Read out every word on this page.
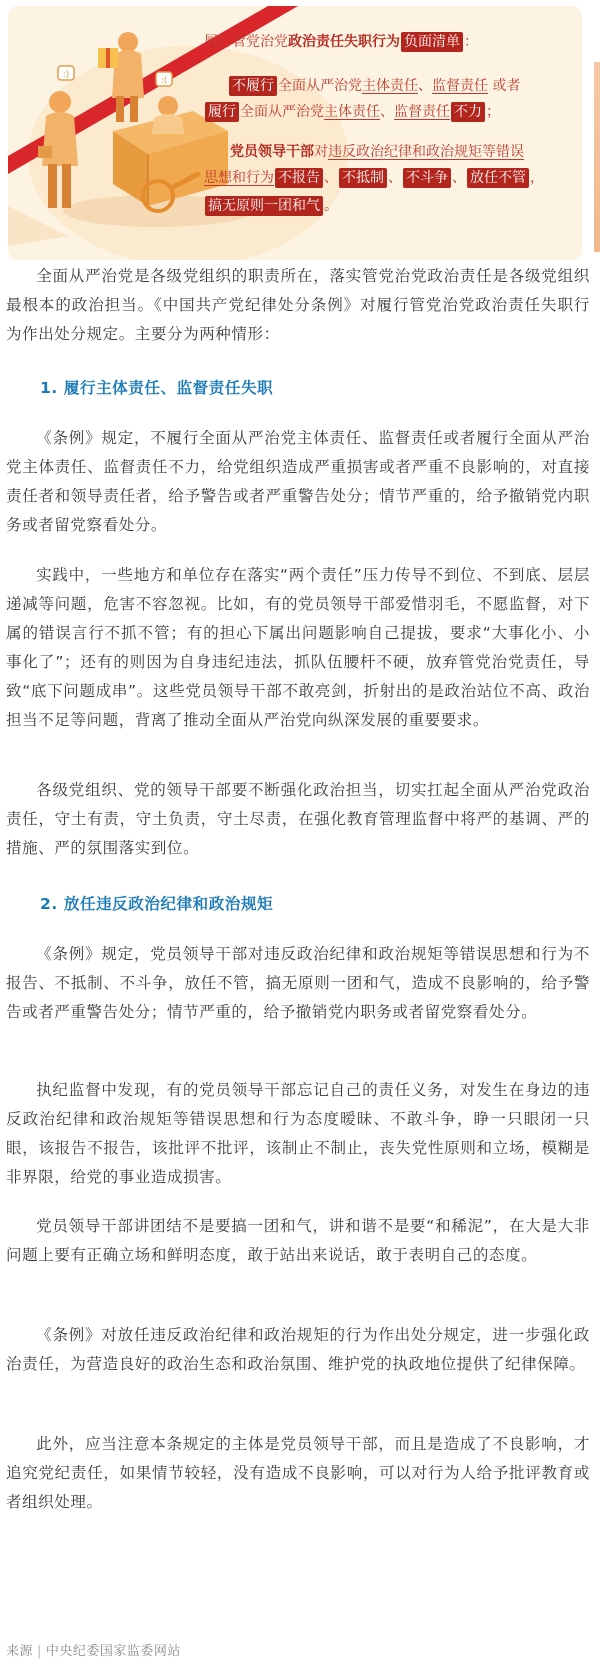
:)
:(
履行管党治党政治责任失职行为 负面清单 ：
不履行 全面从严治党主体责任、监督责任 或者
履行 全面从严治党主体责任、监督责任 不力 ；
党员领导干部对违反政治纪律和政治规矩等错误
思想和行为 不报告 、 不抵制 、 不斗争 、 放任不管 ，
搞无原则一团和气 。

全面从严治党是各级党组织的职责所在，落实管党治党政治责任是各级党组织最根本的政治担当。《中国共产党纪律处分条例》对履行管党治党政治责任失职行为作出处分规定。主要分为两种情形：

1. 履行主体责任、监督责任失职

《条例》规定，不履行全面从严治党主体责任、监督责任或者履行全面从严治党主体责任、监督责任不力，给党组织造成严重损害或者严重不良影响的，对直接责任者和领导责任者，给予警告或者严重警告处分；情节严重的，给予撤销党内职务或者留党察看处分。

实践中，一些地方和单位存在落实“两个责任”压力传导不到位、不到底、层层递减等问题，危害不容忽视。比如，有的党员领导干部爱惜羽毛，不愿监督，对下属的错误言行不抓不管；有的担心下属出问题影响自己提拔，要求“大事化小、小事化了”；还有的则因为自身违纪违法，抓队伍腰杆不硬，放弃管党治党责任，导致“底下问题成串”。这些党员领导干部不敢亮剑，折射出的是政治站位不高、政治担当不足等问题，背离了推动全面从严治党向纵深发展的重要要求。

各级党组织、党的领导干部要不断强化政治担当，切实扛起全面从严治党政治责任，守土有责，守土负责，守土尽责，在强化教育管理监督中将严的基调、严的措施、严的氛围落实到位。

2. 放任违反政治纪律和政治规矩

《条例》规定，党员领导干部对违反政治纪律和政治规矩等错误思想和行为不报告、不抵制、不斗争，放任不管，搞无原则一团和气，造成不良影响的，给予警告或者严重警告处分；情节严重的，给予撤销党内职务或者留党察看处分。

执纪监督中发现，有的党员领导干部忘记自己的责任义务，对发生在身边的违反政治纪律和政治规矩等错误思想和行为态度暧昧、不敢斗争，睁一只眼闭一只眼，该报告不报告，该批评不批评，该制止不制止，丧失党性原则和立场，模糊是非界限，给党的事业造成损害。

党员领导干部讲团结不是要搞一团和气，讲和谐不是要“和稀泥”，在大是大非问题上要有正确立场和鲜明态度，敢于站出来说话，敢于表明自己的态度。

《条例》对放任违反政治纪律和政治规矩的行为作出处分规定，进一步强化政治责任，为营造良好的政治生态和政治氛围、维护党的执政地位提供了纪律保障。

此外，应当注意本条规定的主体是党员领导干部，而且是造成了不良影响，才追究党纪责任，如果情节较轻，没有造成不良影响，可以对行为人给予批评教育或者组织处理。

来源 | 中央纪委国家监委网站
